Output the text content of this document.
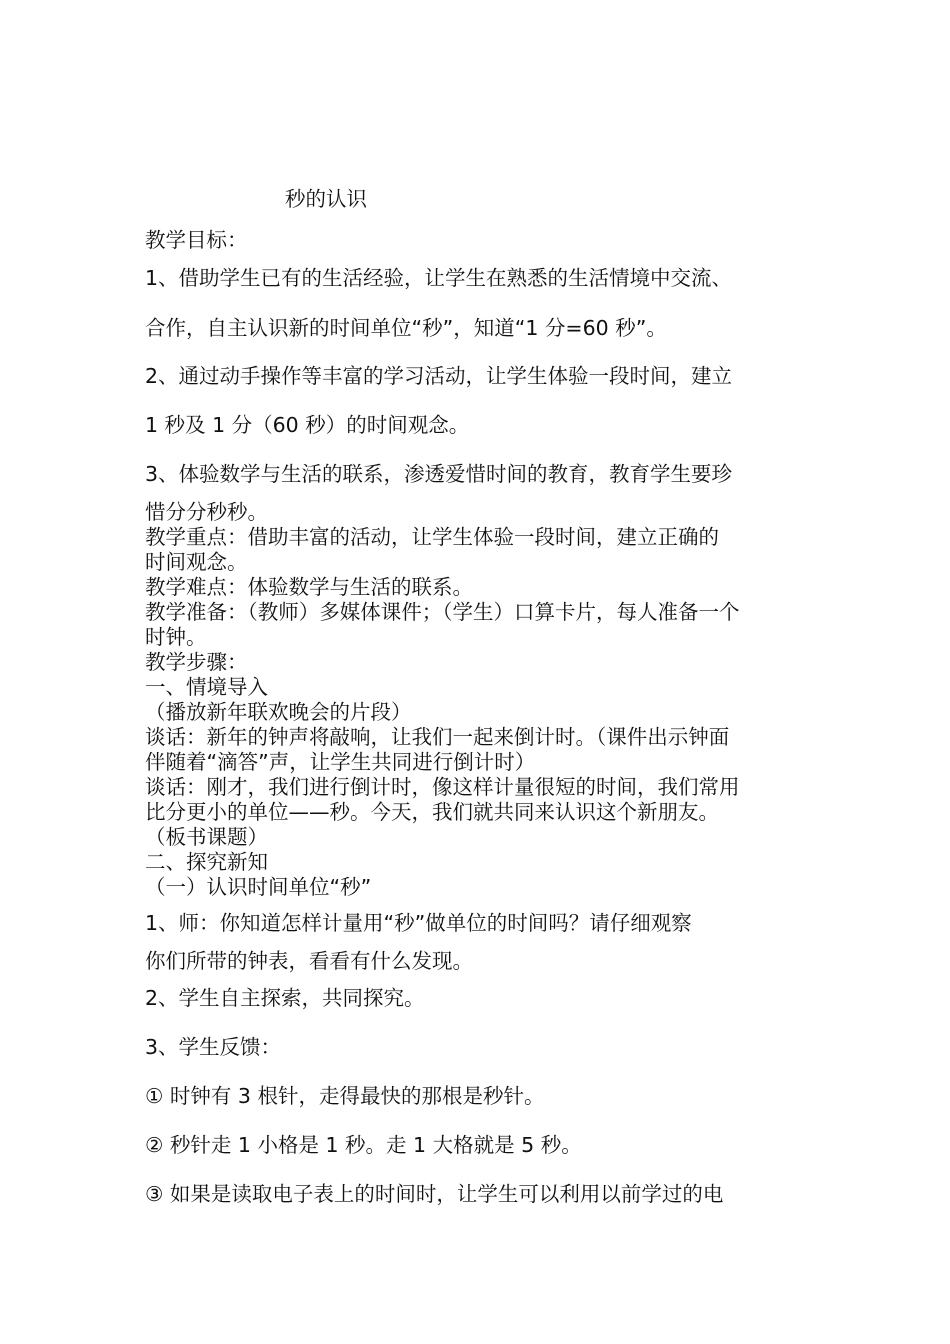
秒的认识
教学目标：
1、借助学生已有的生活经验，让学生在熟悉的生活情境中交流、
合作，自主认识新的时间单位“秒”，知道“1 分=60 秒”。
2、通过动手操作等丰富的学习活动，让学生体验一段时间，建立
1 秒及 1 分（60 秒）的时间观念。
3、体验数学与生活的联系，渗透爱惜时间的教育，教育学生要珍
惜分分秒秒。
教学重点：借助丰富的活动，让学生体验一段时间，建立正确的
时间观念。
教学难点：体验数学与生活的联系。
教学准备：（教师）多媒体课件；（学生）口算卡片，每人准备一个
时钟。
教学步骤：
一、情境导入
（播放新年联欢晚会的片段）
谈话：新年的钟声将敲响，让我们一起来倒计时。（课件出示钟面
伴随着“滴答”声，让学生共同进行倒计时）
谈话：刚才，我们进行倒计时，像这样计量很短的时间，我们常用
比分更小的单位——秒。今天，我们就共同来认识这个新朋友。
（板书课题）
二、探究新知
（一）认识时间单位“秒”
1、师：你知道怎样计量用“秒”做单位的时间吗？请仔细观察
你们所带的钟表，看看有什么发现。
2、学生自主探索，共同探究。
3、学生反馈：
① 时钟有 3 根针，走得最快的那根是秒针。
② 秒针走 1 小格是 1 秒。走 1 大格就是 5 秒。
③ 如果是读取电子表上的时间时，让学生可以利用以前学过的电
